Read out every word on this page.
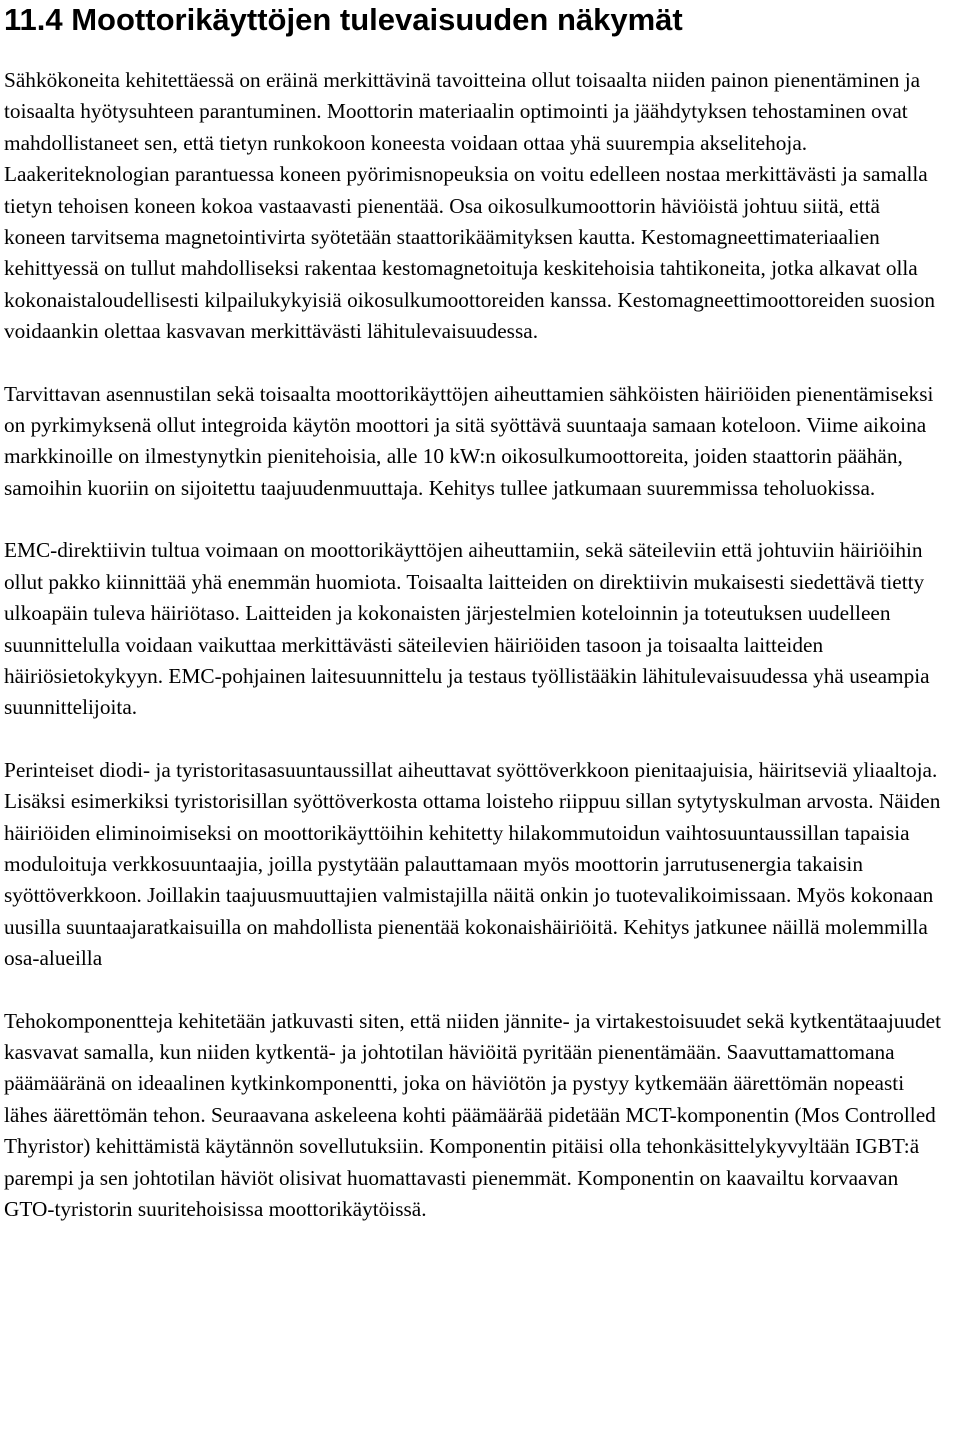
11.4 Moottorikäyttöjen tulevaisuuden näkymät

Sähkökoneita kehitettäessä on eräinä merkittävinä tavoitteina ollut toisaalta niiden painon pienentäminen ja toisaalta hyötysuhteen parantuminen. Moottorin materiaalin optimointi ja jäähdytyksen tehostaminen ovat mahdollistaneet sen, että tietyn runkokoon koneesta voidaan ottaa yhä suurempia akselitehoja. Laakeriteknologian parantuessa koneen pyörimisnopeuksia on voitu edelleen nostaa merkittävästi ja samalla tietyn tehoisen koneen kokoa vastaavasti pienentää. Osa oikosulkumoottorin häviöistä johtuu siitä, että koneen tarvitsema magnetointivirta syötetään staattorikäämityksen kautta. Kestomagneettimateriaalien kehittyessä on tullut mahdolliseksi rakentaa kestomagnetoituja keskitehoisia tahtikoneita, jotka alkavat olla kokonaistaloudellisesti kilpailukykyisiä oikosulkumoottoreiden kanssa. Kestomagneettimoottoreiden suosion voidaankin olettaa kasvavan merkittävästi lähitulevaisuudessa.

Tarvittavan asennustilan sekä toisaalta moottorikäyttöjen aiheuttamien sähköisten häiriöiden pienentämiseksi on pyrkimyksenä ollut integroida käytön moottori ja sitä syöttävä suuntaaja samaan koteloon. Viime aikoina markkinoille on ilmestynytkin pienitehoisia, alle 10 kW:n oikosulkumoottoreita, joiden staattorin päähän, samoihin kuoriin on sijoitettu taajuudenmuuttaja. Kehitys tullee jatkumaan suuremmissa teholuokissa.

EMC-direktiivin tultua voimaan on moottorikäyttöjen aiheuttamiin, sekä säteileviin että johtuviin häiriöihin ollut pakko kiinnittää yhä enemmän huomiota. Toisaalta laitteiden on direktiivin mukaisesti siedettävä tietty ulkoapäin tuleva häiriötaso. Laitteiden ja kokonaisten järjestelmien koteloinnin ja toteutuksen uudelleen suunnittelulla voidaan vaikuttaa merkittävästi säteilevien häiriöiden tasoon ja toisaalta laitteiden häiriösietokykyyn. EMC-pohjainen laitesuunnittelu ja testaus työllistääkin lähitulevaisuudessa yhä useampia suunnittelijoita.

Perinteiset diodi- ja tyristoritasasuuntaussillat aiheuttavat syöttöverkkoon pienitaajuisia, häiritseviä yliaaltoja. Lisäksi esimerkiksi tyristorisillan syöttöverkosta ottama loisteho riippuu sillan sytytyskulman arvosta. Näiden häiriöiden eliminoimiseksi on moottorikäyttöihin kehitetty hilakommutoidun vaihtosuuntaussillan tapaisia moduloituja verkkosuuntaajia, joilla pystytään palauttamaan myös moottorin jarrutusenergia takaisin syöttöverkkoon. Joillakin taajuusmuuttajien valmistajilla näitä onkin jo tuotevalikoimissaan. Myös kokonaan uusilla suuntaajaratkaisuilla on mahdollista pienentää kokonaishäiriöitä. Kehitys jatkunee näillä molemmilla osa-alueilla

Tehokomponentteja kehitetään jatkuvasti siten, että niiden jännite- ja virtakestoisuudet sekä kytkentätaajuudet kasvavat samalla, kun niiden kytkentä- ja johtotilan häviöitä pyritään pienentämään. Saavuttamattomana päämääränä on ideaalinen kytkinkomponentti, joka on häviötön ja pystyy kytkemään äärettömän nopeasti lähes äärettömän tehon. Seuraavana askeleena kohti päämäärää pidetään MCT-komponentin (Mos Controlled Thyristor) kehittämistä käytännön sovellutuksiin. Komponentin pitäisi olla tehonkäsittelykyvyltään IGBT:ä parempi ja sen johtotilan häviöt olisivat huomattavasti pienemmät. Komponentin on kaavailtu korvaavan GTO-tyristorin suuritehoisissa moottorikäytöissä.
